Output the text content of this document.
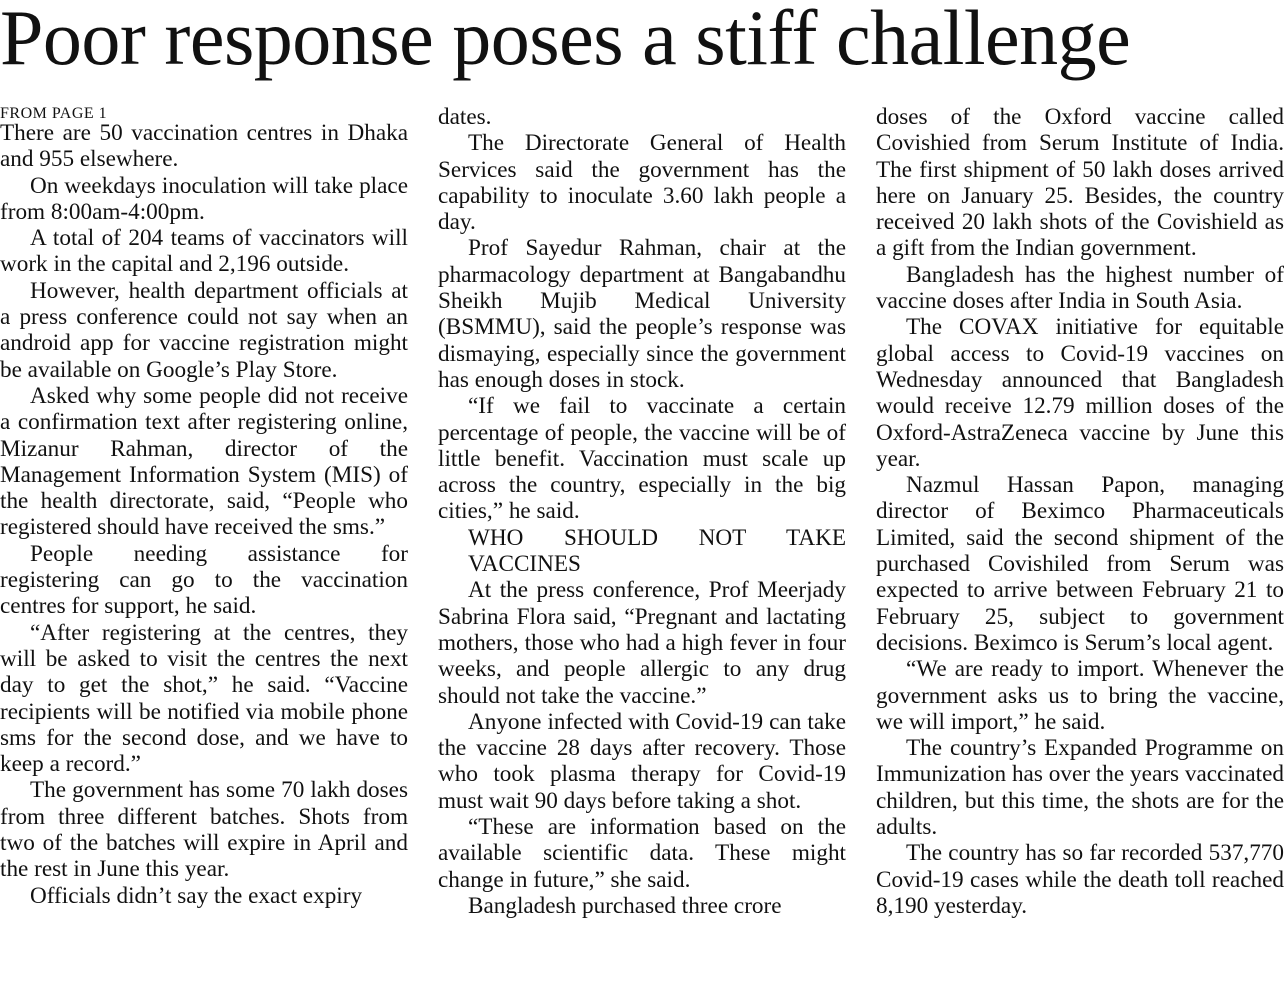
Poor response poses a stiff challenge
FROM PAGE 1

There are 50 vaccination centres in Dhaka and 955 elsewhere.

On weekdays inoculation will take place from 8:00am-4:00pm.

A total of 204 teams of vaccinators will work in the capital and 2,196 outside.

However, health department officials at a press conference could not say when an android app for vaccine registration might be available on Google’s Play Store.

Asked why some people did not receive a confirmation text after registering online, Mizanur Rahman, director of the Management Information System (MIS) of the health directorate, said, “People who registered should have received the sms.”

People needing assistance for registering can go to the vaccination centres for support, he said.

“After registering at the centres, they will be asked to visit the centres the next day to get the shot,” he said. “Vaccine recipients will be notified via mobile phone sms for the second dose, and we have to keep a record.”

The government has some 70 lakh doses from three different batches. Shots from two of the batches will expire in April and the rest in June this year.

Officials didn’t say the exact expiry

dates.

The Directorate General of Health Services said the government has the capability to inoculate 3.60 lakh people a day.

Prof Sayedur Rahman, chair at the pharmacology department at Bangabandhu Sheikh Mujib Medical University (BSMMU), said the people’s response was dismaying, especially since the government has enough doses in stock.

“If we fail to vaccinate a certain percentage of people, the vaccine will be of little benefit. Vaccination must scale up across the country, especially in the big cities,” he said.

WHO SHOULD NOT TAKE

VACCINES

At the press conference, Prof Meerjady Sabrina Flora said, “Pregnant and lactating mothers, those who had a high fever in four weeks, and people allergic to any drug should not take the vaccine.”

Anyone infected with Covid-19 can take the vaccine 28 days after recovery. Those who took plasma therapy for Covid-19 must wait 90 days before taking a shot.

“These are information based on the available scientific data. These might change in future,” she said.

Bangladesh purchased three crore

doses of the Oxford vaccine called Covishied from Serum Institute of India. The first shipment of 50 lakh doses arrived here on January 25. Besides, the country received 20 lakh shots of the Covishield as a gift from the Indian government.

Bangladesh has the highest number of vaccine doses after India in South Asia.

The COVAX initiative for equitable global access to Covid-19 vaccines on Wednesday announced that Bangladesh would receive 12.79 million doses of the Oxford-AstraZeneca vaccine by June this year.

Nazmul Hassan Papon, managing director of Beximco Pharmaceuticals Limited, said the second shipment of the purchased Covishiled from Serum was expected to arrive between February 21 to February 25, subject to government decisions. Beximco is Serum’s local agent.

“We are ready to import. Whenever the government asks us to bring the vaccine, we will import,” he said.

The country’s Expanded Programme on Immunization has over the years vaccinated children, but this time, the shots are for the adults.

The country has so far recorded 537,770 Covid-19 cases while the death toll reached 8,190 yesterday.
